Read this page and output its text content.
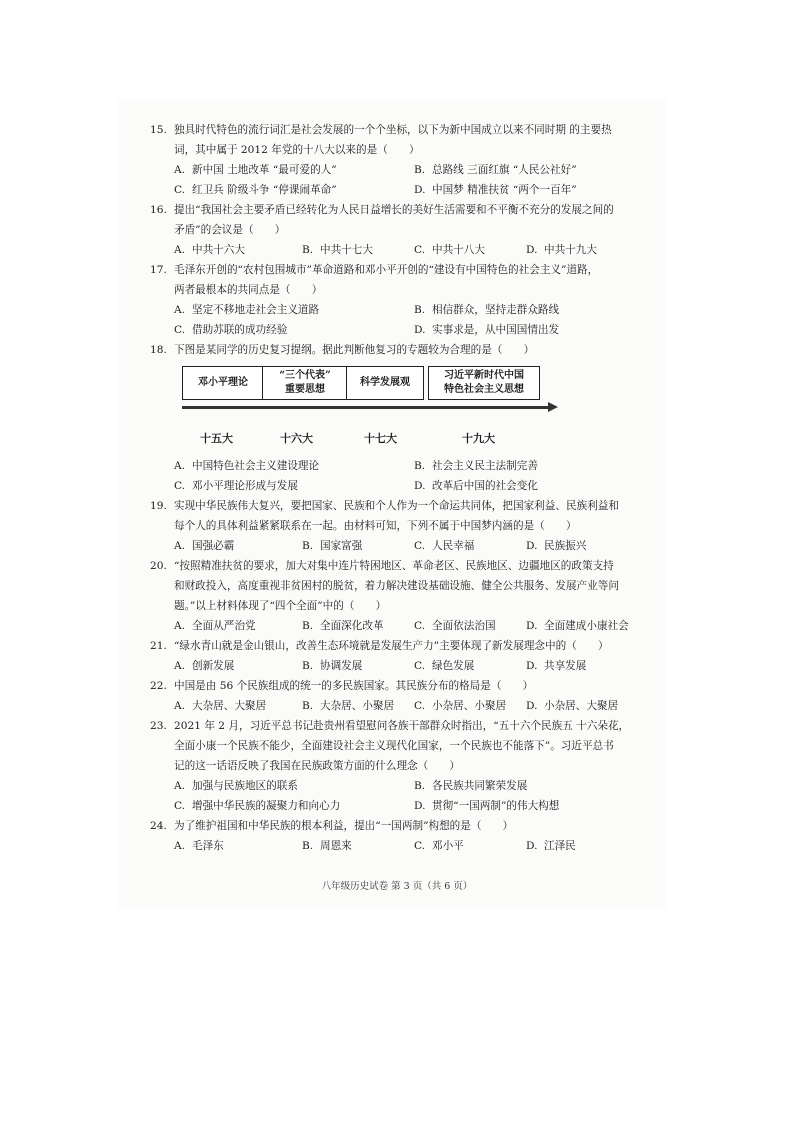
15. 独具时代特色的流行词汇是社会发展的一个个坐标，以下为新中国成立以来不同时期 的主要热
词，其中属于 2012 年党的十八大以来的是（　　）
A. 新中国 土地改革 “最可爱的人”	B. 总路线 三面红旗 “人民公社好”
C. 红卫兵 阶级斗争 “停课闹革命”	D. 中国梦 精准扶贫 “两个一百年”
16. 提出“我国社会主要矛盾已经转化为人民日益增长的美好生活需要和不平衡不充分的发展之间的
矛盾”的会议是（　　）
A. 中共十六大	B. 中共十七大	C. 中共十八大	D. 中共十九大
17. 毛泽东开创的“农村包围城市”革命道路和邓小平开创的“建设有中国特色的社会主义”道路，
两者最根本的共同点是（　　）
A. 坚定不移地走社会主义道路	B. 相信群众，坚持走群众路线
C. 借助苏联的成功经验	D. 实事求是，从中国国情出发
18. 下图是某同学的历史复习提纲。据此判断他复习的专题较为合理的是（　　）
邓小平理论
“三个代表”
重要思想
科学发展观
习近平新时代中国
特色社会主义思想
十五大	十六大	十七大	十九大
A. 中国特色社会主义建设理论	B. 社会主义民主法制完善
C. 邓小平理论形成与发展	D. 改革后中国的社会变化
19. 实现中华民族伟大复兴，要把国家、民族和个人作为一个命运共同体，把国家利益、民族利益和
每个人的具体利益紧紧联系在一起。由材料可知，下列不属于中国梦内涵的是（　　）
A. 国强必霸	B. 国家富强	C. 人民幸福	D. 民族振兴
20. “按照精准扶贫的要求，加大对集中连片特困地区、革命老区、民族地区、边疆地区的政策支持
和财政投入，高度重视非贫困村的脱贫，着力解决建设基础设施、健全公共服务、发展产业等问
题。”以上材料体现了“四个全面”中的（　　）
A. 全面从严治党	B. 全面深化改革	C. 全面依法治国	D. 全面建成小康社会
21. “绿水青山就是金山银山，改善生态环境就是发展生产力”主要体现了新发展理念中的（　　）
A. 创新发展	B. 协调发展	C. 绿色发展	D. 共享发展
22. 中国是由 56 个民族组成的统一的多民族国家。其民族分布的格局是（　　）
A. 大杂居、大聚居	B. 大杂居、小聚居 C. 小杂居、小聚居 D. 小杂居、大聚居
23. 2021 年 2 月，习近平总书记赴贵州看望慰问各族干部群众时指出，“五十六个民族五 十六朵花，
全面小康一个民族不能少，全面建设社会主义现代化国家，一个民族也不能落下”。习近平总书
记的这一话语反映了我国在民族政策方面的什么理念（　　）
A. 加强与民族地区的联系	B. 各民族共同繁荣发展
C. 增强中华民族的凝聚力和向心力	D. 贯彻“一国两制”的伟大构想
24. 为了维护祖国和中华民族的根本利益，提出“一国两制”构想的是（　　）
A. 毛泽东	B. 周恩来	C. 邓小平	D. 江泽民
八年级历史试卷 第 3 页（共 6 页）
